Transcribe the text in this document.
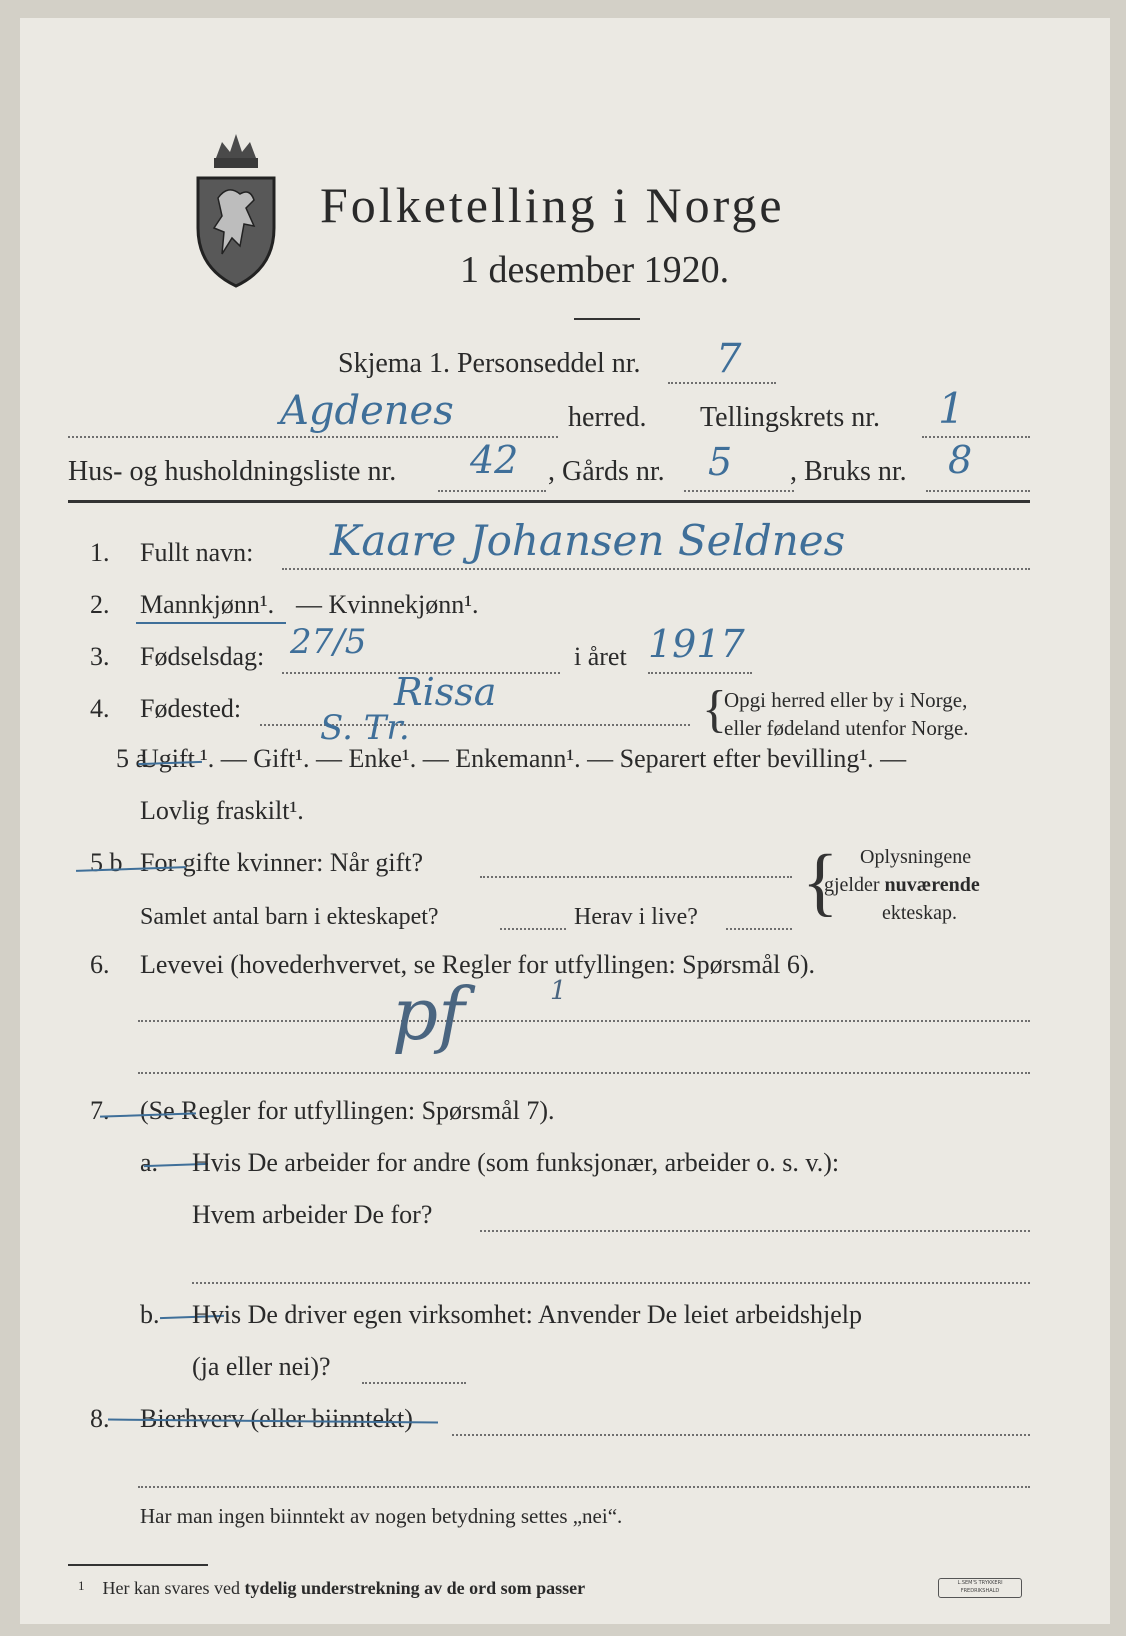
Folketelling i Norge
1 desember 1920.
Skjema 1. Personseddel nr. 7
Agdenes	herred. Tellingskrets nr. 1
Hus- og husholdningsliste nr. 42 , Gårds nr. 5 , Bruks nr. 8
1. Fullt navn: Kaare Johansen Seldnes
2. Mannkjønn¹. — Kvinnekjønn¹.
3. Fødselsdag: 27/5	i året 1917
4. Fødested:	Rissa
S. Tr.	{
Opgi herred eller by i Norge,
eller fødeland utenfor Norge.
5 a
Ugift ¹. — Gift¹. — Enke¹. — Enkemann¹. — Separert efter bevilling¹. —
Lovlig fraskilt¹.
5 b For gifte kvinner: Når gift?
Samlet antal barn i ekteskapet?	Herav i live? { Oplysningene
gjelder nuværende
ekteskap.
6. Levevei (hovederhvervet, se Regler for utfyllingen: Spørsmål 6).
pf	1
7. (Se Regler for utfyllingen: Spørsmål 7).
a. Hvis De arbeider for andre (som funksjonær, arbeider o. s. v.):
Hvem arbeider De for?
b. Hvis De driver egen virksomhet: Anvender De leiet arbeidshjelp
(ja eller nei)?
8. Bierhverv (eller biinntekt)
Har man ingen biinntekt av nogen betydning settes „nei“.
$^1$ Her kan svares ved tydelig understrekning av de ord som passer	L.SEM'S TRYKKERI
FREDRIKSHALD
